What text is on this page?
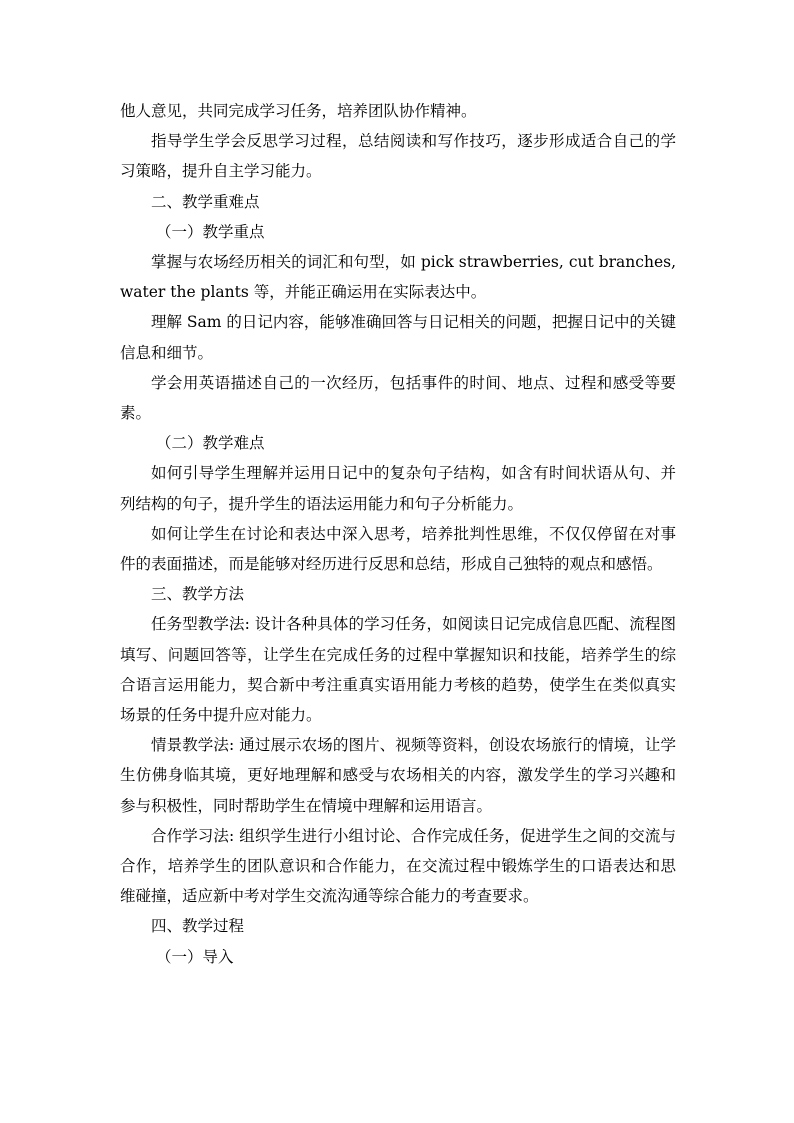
他人意见，共同完成学习任务，培养团队协作精神。

指导学生学会反思学习过程，总结阅读和写作技巧，逐步形成适合自己的学习策略，提升自主学习能力。

二、教学重难点

（一）教学重点

掌握与农场经历相关的词汇和句型，如 pick strawberries, cut branches, water the plants 等，并能正确运用在实际表达中。

理解 Sam 的日记内容，能够准确回答与日记相关的问题，把握日记中的关键信息和细节。

学会用英语描述自己的一次经历，包括事件的时间、地点、过程和感受等要素。

（二）教学难点

如何引导学生理解并运用日记中的复杂句子结构，如含有时间状语从句、并列结构的句子，提升学生的语法运用能力和句子分析能力。

如何让学生在讨论和表达中深入思考，培养批判性思维，不仅仅停留在对事件的表面描述，而是能够对经历进行反思和总结，形成自己独特的观点和感悟。

三、教学方法

任务型教学法: 设计各种具体的学习任务，如阅读日记完成信息匹配、流程图填写、问题回答等，让学生在完成任务的过程中掌握知识和技能，培养学生的综合语言运用能力，契合新中考注重真实语用能力考核的趋势，使学生在类似真实场景的任务中提升应对能力。

情景教学法: 通过展示农场的图片、视频等资料，创设农场旅行的情境，让学生仿佛身临其境，更好地理解和感受与农场相关的内容，激发学生的学习兴趣和参与积极性，同时帮助学生在情境中理解和运用语言。

合作学习法: 组织学生进行小组讨论、合作完成任务，促进学生之间的交流与合作，培养学生的团队意识和合作能力，在交流过程中锻炼学生的口语表达和思维碰撞，适应新中考对学生交流沟通等综合能力的考查要求。

四、教学过程

（一）导入
